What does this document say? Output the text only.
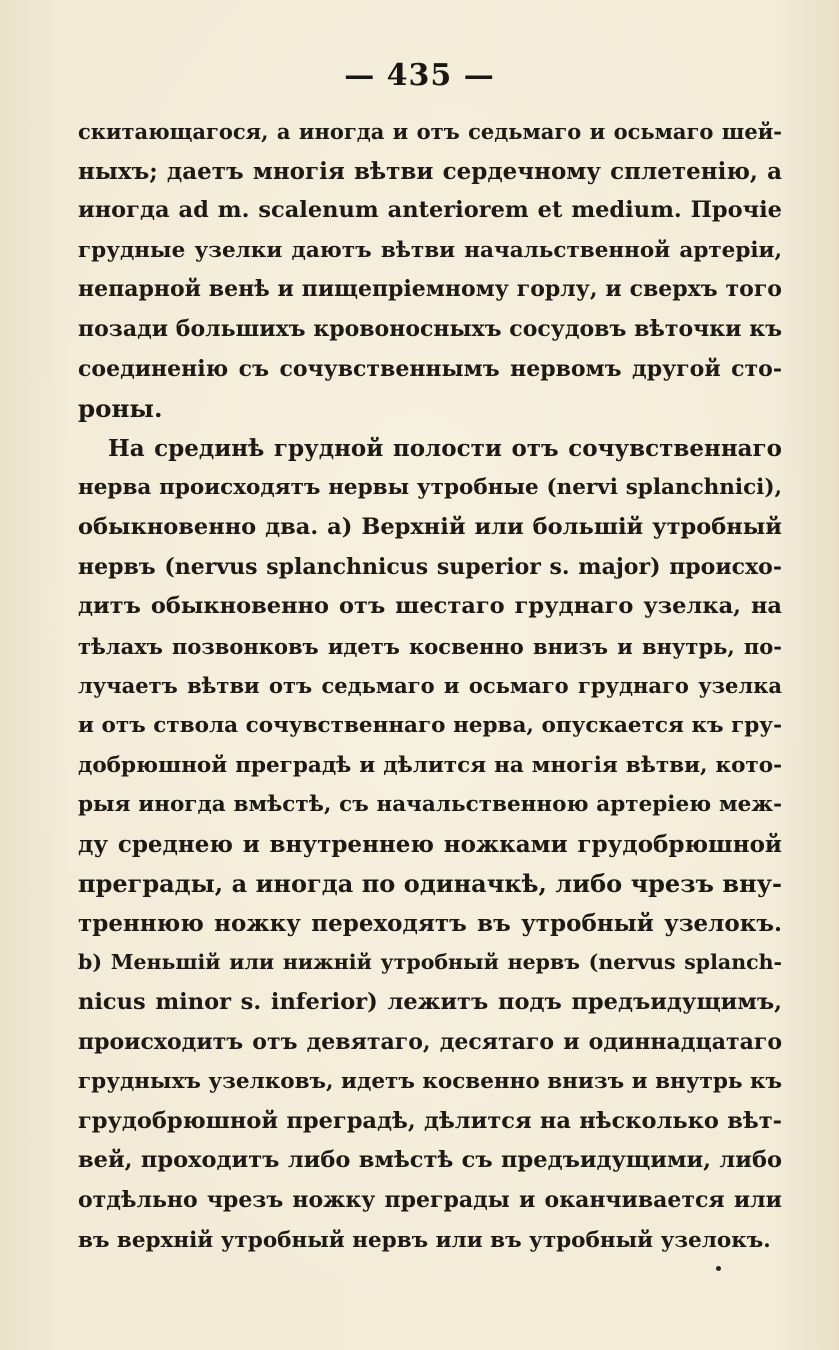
— 435 —
скитающагося, а иногда и отъ седьмаго и осьмаго шей-
ныхъ; даетъ многія вѣтви сердечному сплетенію, а
иногда ad m. scalenum anteriorem et medium. Прочіе
грудные узелки даютъ вѣтви начальственной артеріи,
непарной венѣ и пищепріемному горлу, и сверхъ того
позади большихъ кровоносныхъ сосудовъ вѣточки къ
соединенію съ сочувственнымъ нервомъ другой сто-
роны.
На срединѣ грудной полости отъ сочувственнаго
нерва происходятъ нервы утробные (nervi splanchnici),
обыкновенно два. a) Верхній или большій утробный
нервъ (nervus splanchnicus superior s. major) происхо-
дитъ обыкновенно отъ шестаго груднаго узелка, на
тѣлахъ позвонковъ идетъ косвенно внизъ и внутрь, по-
лучаетъ вѣтви отъ седьмаго и осьмаго груднаго узелка
и отъ ствола сочувственнаго нерва, опускается къ гру-
добрюшной преградѣ и дѣлится на многія вѣтви, кото-
рыя иногда вмѣстѣ, съ начальственною артеріею меж-
ду среднею и внутреннею ножками грудобрюшной
преграды, а иногда по одиначкѣ, либо чрезъ вну-
треннюю ножку переходятъ въ утробный узелокъ.
b) Меньшій или нижній утробный нервъ (nervus splanch-
nicus minor s. inferior) лежитъ подъ предъидущимъ,
происходитъ отъ девятаго, десятаго и одиннадцатаго
грудныхъ узелковъ, идетъ косвенно внизъ и внутрь къ
грудобрюшной преградѣ, дѣлится на нѣсколько вѣт-
вей, проходитъ либо вмѣстѣ съ предъидущими, либо
отдѣльно чрезъ ножку преграды и оканчивается или
въ верхній утробный нервъ или въ утробный узелокъ.
